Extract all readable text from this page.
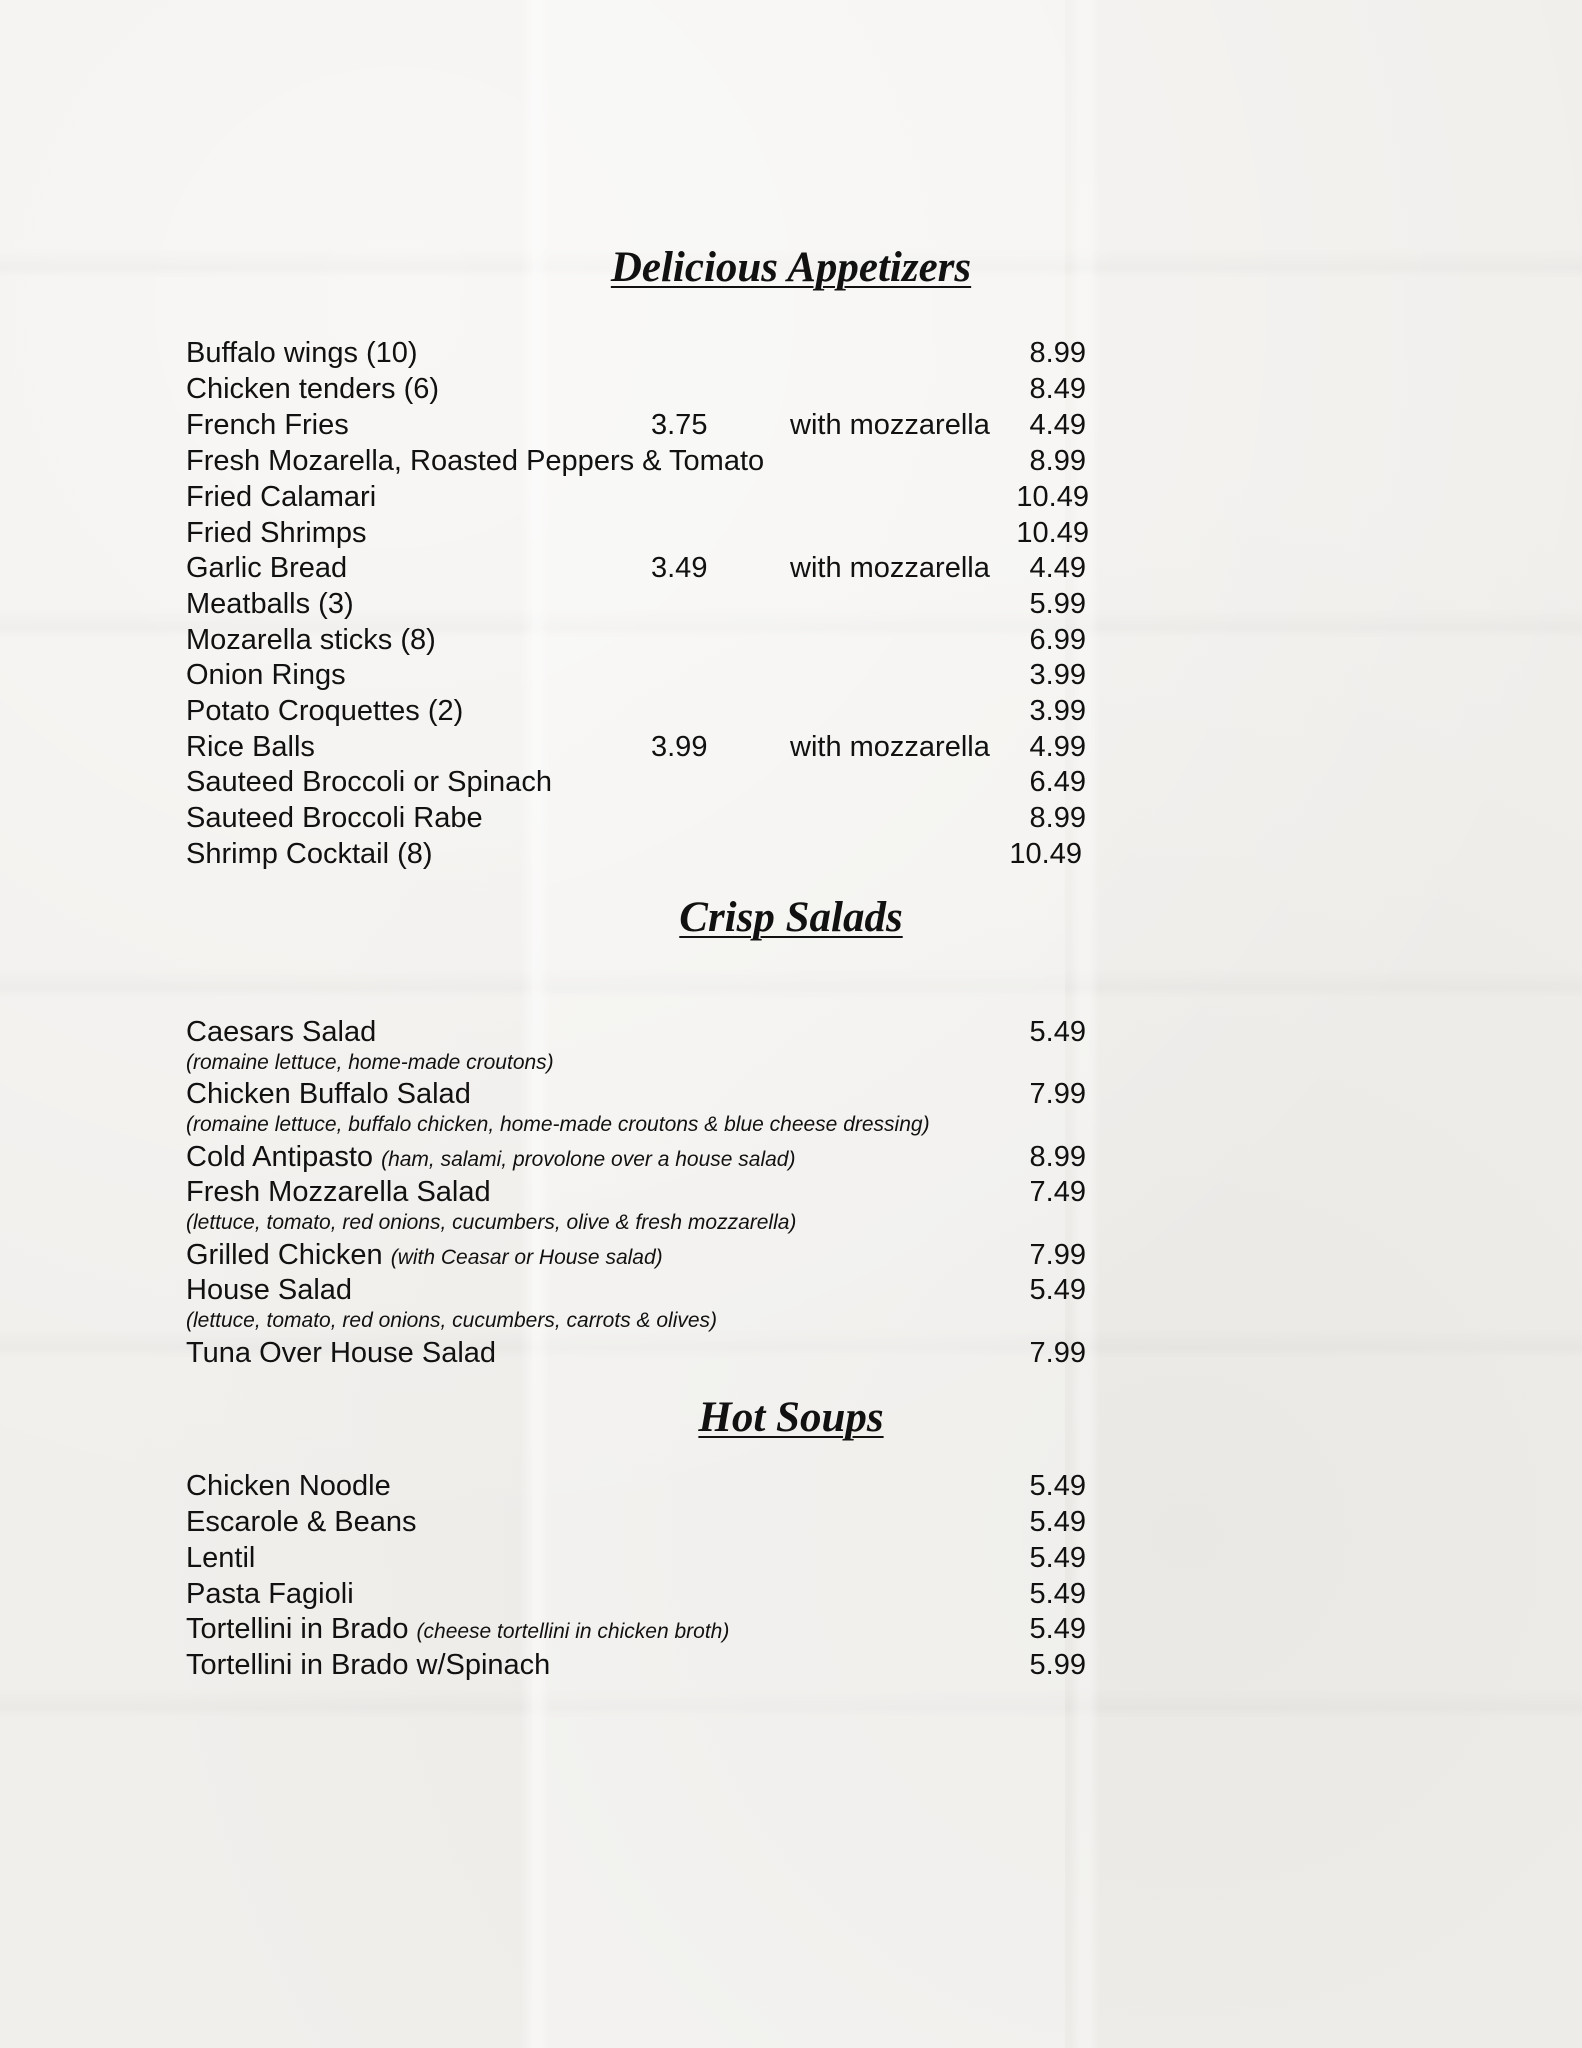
Delicious Appetizers
Buffalo wings (10)	8.99
Chicken tenders (6)	8.49
French Fries	3.75	with mozzarella	4.49
Fresh Mozarella, Roasted Peppers & Tomato	8.99
Fried Calamari	10.49
Fried Shrimps	10.49
Garlic Bread	3.49	with mozzarella	4.49
Meatballs (3)	5.99
Mozarella sticks (8)	6.99
Onion Rings	3.99
Potato Croquettes (2)	3.99
Rice Balls	3.99	with mozzarella	4.99
Sauteed Broccoli or Spinach	6.49
Sauteed Broccoli Rabe	8.99
Shrimp Cocktail (8)	10.49
Crisp Salads
Caesars Salad	5.49
(romaine lettuce, home-made croutons)
Chicken Buffalo Salad	7.99
(romaine lettuce, buffalo chicken, home-made croutons & blue cheese dressing)
Cold Antipasto (ham, salami, provolone over a house salad)	8.99
Fresh Mozzarella Salad	7.49
(lettuce, tomato, red onions, cucumbers, olive & fresh mozzarella)
Grilled Chicken (with Ceasar or House salad)	7.99
House Salad	5.49
(lettuce, tomato, red onions, cucumbers, carrots & olives)
Tuna Over House Salad	7.99
Hot Soups
Chicken Noodle	5.49
Escarole & Beans	5.49
Lentil	5.49
Pasta Fagioli	5.49
Tortellini in Brado (cheese tortellini in chicken broth)	5.49
Tortellini in Brado w/Spinach	5.99
